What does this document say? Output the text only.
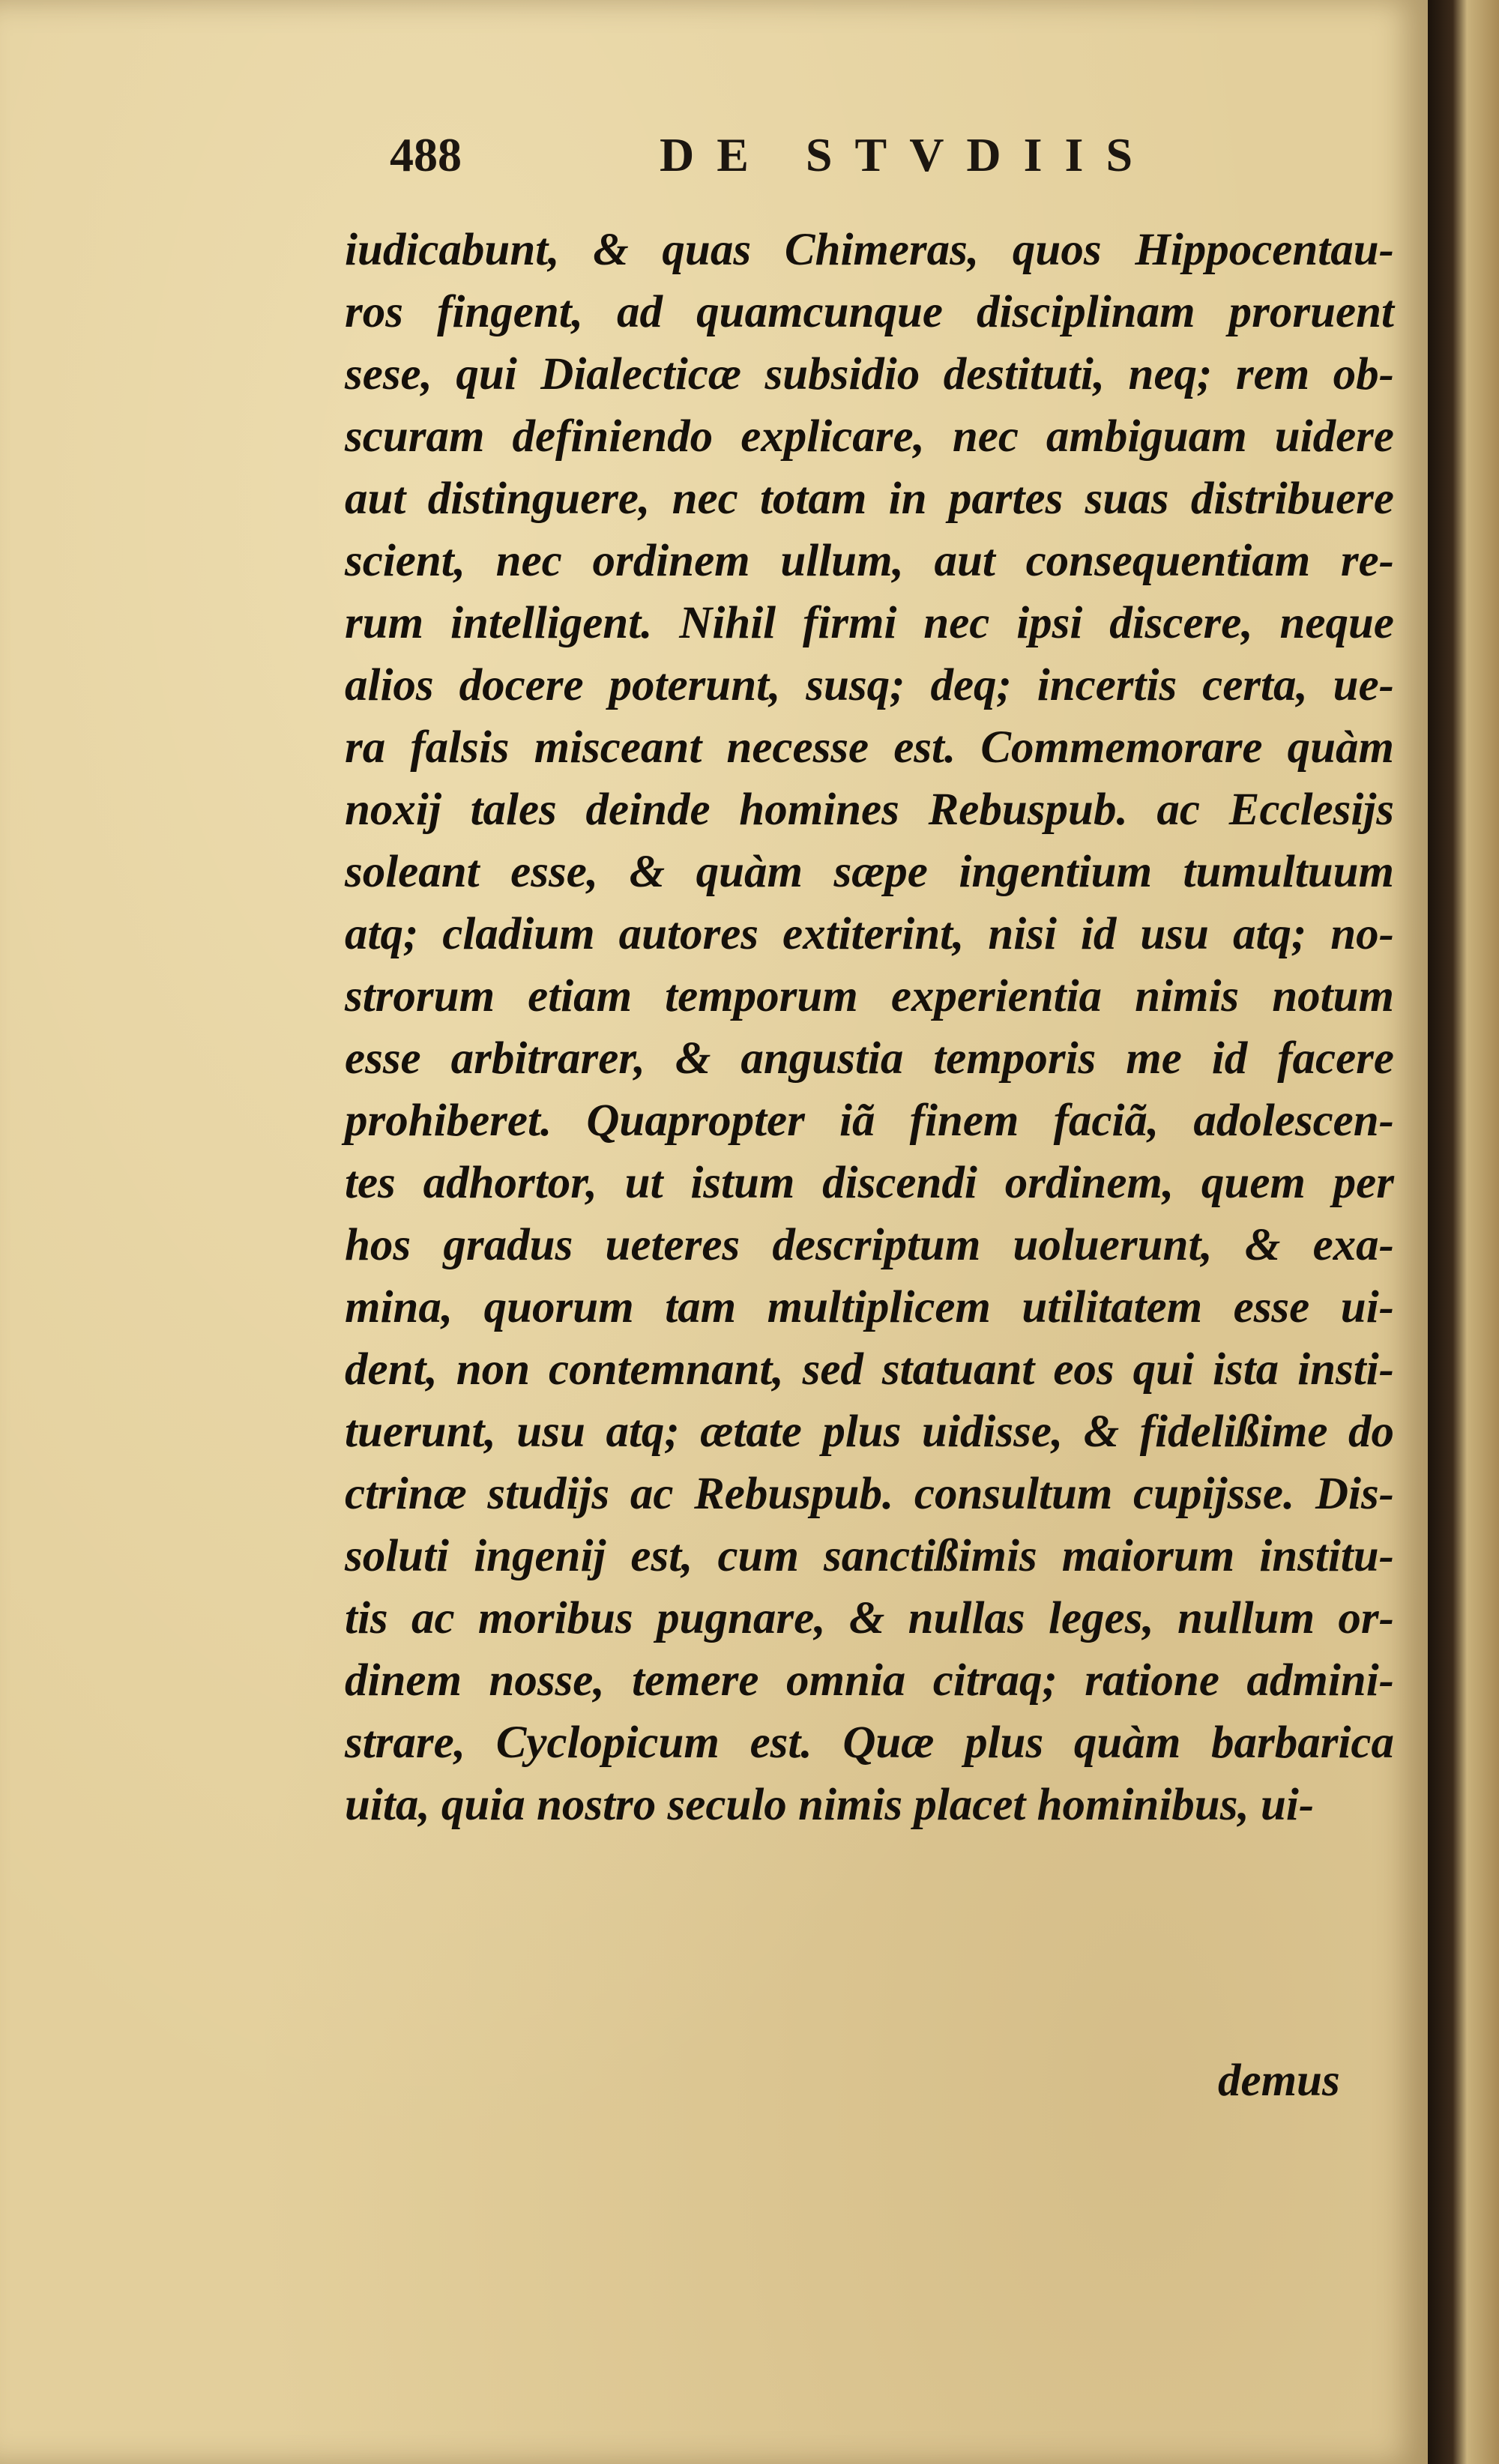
488	DE STVDIIS
iudicabunt, & quas Chimeras, quos Hippocentau-
ros fingent, ad quamcunque disciplinam proruent
sese, qui Dialecticæ subsidio destituti, neq; rem ob-
scuram definiendo explicare, nec ambiguam uidere
aut distinguere, nec totam in partes suas distribuere
scient, nec ordinem ullum, aut consequentiam re-
rum intelligent. Nihil firmi nec ipsi discere, neque
alios docere poterunt, susq; deq; incertis certa, ue-
ra falsis misceant necesse est. Commemorare quàm
noxij tales deinde homines Rebuspub. ac Ecclesijs
soleant esse, & quàm sæpe ingentium tumultuum
atq; cladium autores extiterint, nisi id usu atq; no-
strorum etiam temporum experientia nimis notum
esse arbitrarer, & angustia temporis me id facere
prohiberet. Quapropter iã finem faciã, adolescen-
tes adhortor, ut istum discendi ordinem, quem per
hos gradus ueteres descriptum uoluerunt, & exa-
mina, quorum tam multiplicem utilitatem esse ui-
dent, non contemnant, sed statuant eos qui ista insti-
tuerunt, usu atq; ætate plus uidisse, & fidelißime do
ctrinæ studijs ac Rebuspub. consultum cupijsse. Dis-
soluti ingenij est, cum sanctißimis maiorum institu-
tis ac moribus pugnare, & nullas leges, nullum or-
dinem nosse, temere omnia citraq; ratione admini-
strare, Cyclopicum est. Quæ plus quàm barbarica
uita, quia nostro seculo nimis placet hominibus, ui-
demus
